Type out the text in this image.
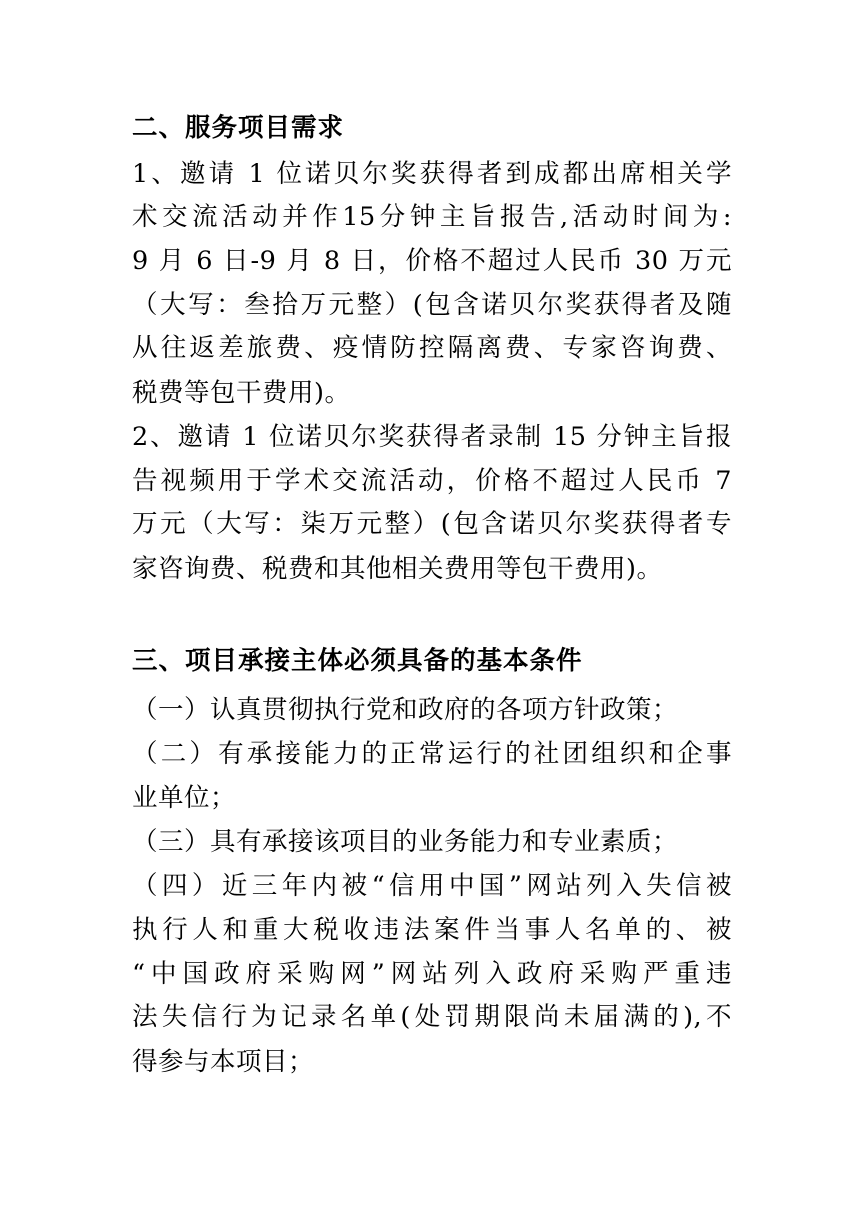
二、服务项目需求
1、邀请 1 位诺贝尔奖获得者到成都出席相关学
术交流活动并作15分钟主旨报告,活动时间为:
9 月 6 日-9 月 8 日，价格不超过人民币 30 万元
（大写：叁拾万元整）(包含诺贝尔奖获得者及随
从往返差旅费、疫情防控隔离费、专家咨询费、
税费等包干费用)。
2、邀请 1 位诺贝尔奖获得者录制 15 分钟主旨报
告视频用于学术交流活动，价格不超过人民币 7
万元（大写：柒万元整）(包含诺贝尔奖获得者专
家咨询费、税费和其他相关费用等包干费用)。
三、项目承接主体必须具备的基本条件
（一）认真贯彻执行党和政府的各项方针政策；
（二）有承接能力的正常运行的社团组织和企事
业单位；
（三）具有承接该项目的业务能力和专业素质；
（四）近三年内被“信用中国”网站列入失信被
执行人和重大税收违法案件当事人名单的、被
“中国政府采购网”网站列入政府采购严重违
法失信行为记录名单(处罚期限尚未届满的),不
得参与本项目；
